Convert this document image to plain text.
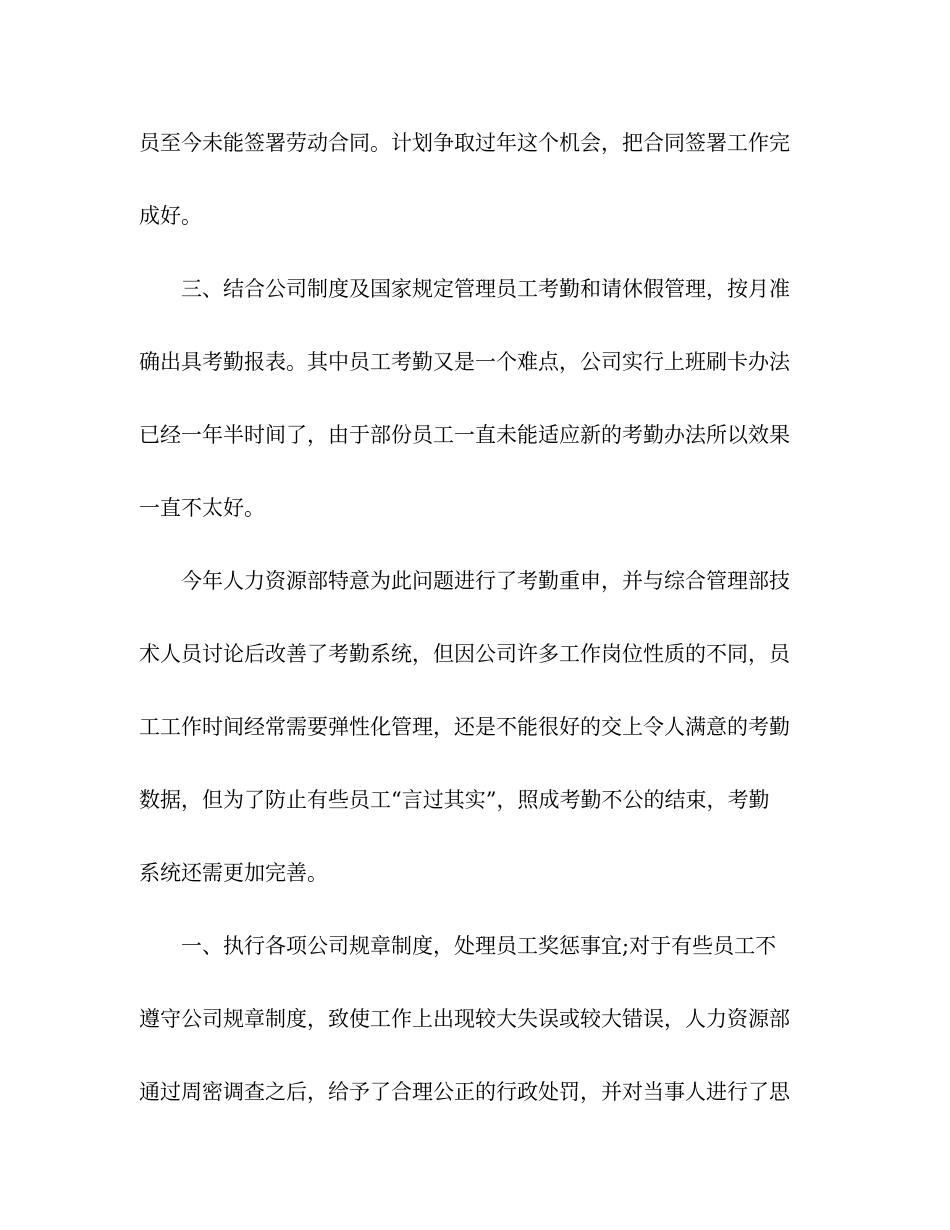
员至今未能签署劳动合同。计划争取过年这个机会，把合同签署工作完
成好。
三、结合公司制度及国家规定管理员工考勤和请休假管理，按月准
确出具考勤报表。其中员工考勤又是一个难点，公司实行上班刷卡办法
已经一年半时间了，由于部份员工一直未能适应新的考勤办法所以效果
一直不太好。
今年人力资源部特意为此问题进行了考勤重申，并与综合管理部技
术人员讨论后改善了考勤系统，但因公司许多工作岗位性质的不同，员
工工作时间经常需要弹性化管理，还是不能很好的交上令人满意的考勤
数据，但为了防止有些员工“言过其实”，照成考勤不公的结束，考勤
系统还需更加完善。
一、执行各项公司规章制度，处理员工奖惩事宜;对于有些员工不
遵守公司规章制度，致使工作上出现较大失误或较大错误，人力资源部
通过周密调查之后，给予了合理公正的行政处罚，并对当事人进行了思
